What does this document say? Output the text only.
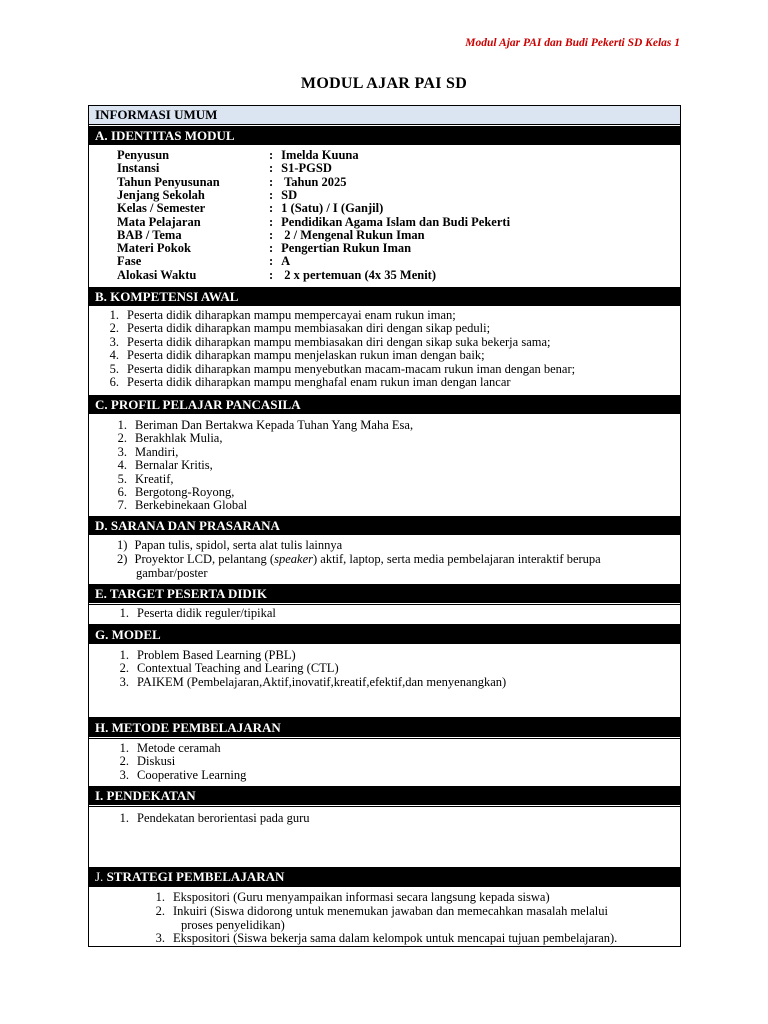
Modul Ajar PAI dan Budi Pekerti SD Kelas 1
MODUL AJAR PAI SD
INFORMASI UMUM
A. IDENTITAS MODUL
Penyusun	: Imelda Kuuna
Instansi	: S1-PGSD
Tahun Penyusunan	: Tahun 2025
Jenjang Sekolah	: SD
Kelas / Semester	: 1 (Satu) / I (Ganjil)
Mata Pelajaran	: Pendidikan Agama Islam dan Budi Pekerti
BAB / Tema	: 2 / Mengenal Rukun Iman
Materi Pokok	: Pengertian Rukun Iman
Fase	: A
Alokasi Waktu	: 2 x pertemuan (4x 35 Menit)
B. KOMPETENSI AWAL
1. Peserta didik diharapkan mampu mempercayai enam rukun iman;
2. Peserta didik diharapkan mampu membiasakan diri dengan sikap peduli;
3. Peserta didik diharapkan mampu membiasakan diri dengan sikap suka bekerja sama;
4. Peserta didik diharapkan mampu menjelaskan rukun iman dengan baik;
5. Peserta didik diharapkan mampu menyebutkan macam-macam rukun iman dengan benar;
6. Peserta didik diharapkan mampu menghafal enam rukun iman dengan lancar
C. PROFIL PELAJAR PANCASILA
1. Beriman Dan Bertakwa Kepada Tuhan Yang Maha Esa,
2. Berakhlak Mulia,
3. Mandiri,
4. Bernalar Kritis,
5. Kreatif,
6. Bergotong-Royong,
7. Berkebinekaan Global
D. SARANA DAN PRASARANA
1) Papan tulis, spidol, serta alat tulis lainnya
2) Proyektor LCD, pelantang (speaker) aktif, laptop, serta media pembelajaran interaktif berupa
gambar/poster
E. TARGET PESERTA DIDIK
1. Peserta didik reguler/tipikal
G. MODEL
1. Problem Based Learning (PBL)
2. Contextual Teaching and Learing (CTL)
3. PAIKEM (Pembelajaran,Aktif,inovatif,kreatif,efektif,dan menyenangkan)
H. METODE PEMBELAJARAN
1. Metode ceramah
2. Diskusi
3. Cooperative Learning
I. PENDEKATAN
1. Pendekatan berorientasi pada guru
J. STRATEGI PEMBELAJARAN
1. Ekspositori (Guru menyampaikan informasi secara langsung kepada siswa)
2. Inkuiri (Siswa didorong untuk menemukan jawaban dan memecahkan masalah melalui
proses penyelidikan)
3. Ekspositori (Siswa bekerja sama dalam kelompok untuk mencapai tujuan pembelajaran).
